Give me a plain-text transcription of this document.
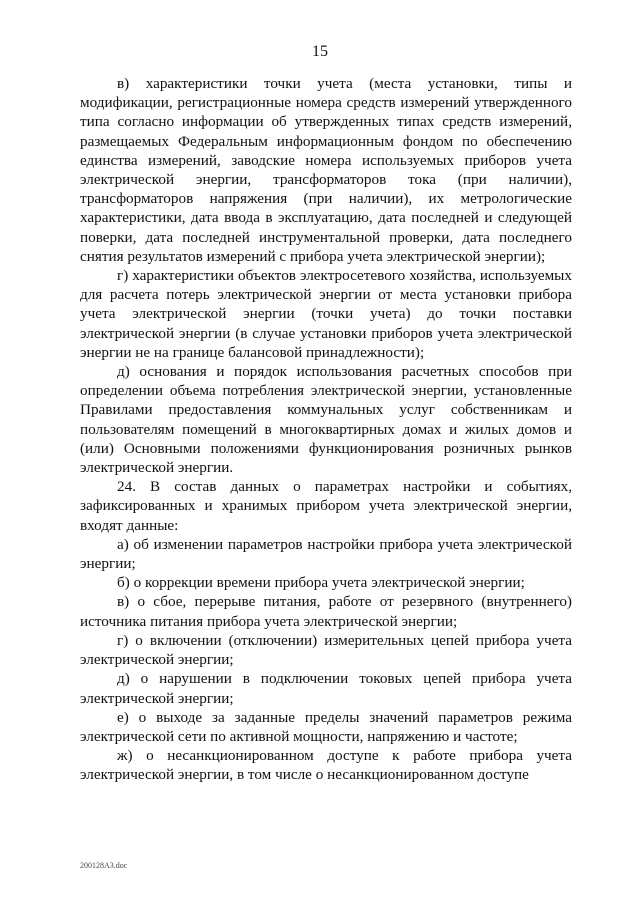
15

в) характеристики точки учета (места установки, типы и модификации, регистрационные номера средств измерений утвержденного типа согласно информации об утвержденных типах средств измерений, размещаемых Федеральным информационным фондом по обеспечению единства измерений, заводские номера используемых приборов учета электрической энергии, трансформаторов тока (при наличии), трансформаторов напряжения (при наличии), их метрологические характеристики, дата ввода в эксплуатацию, дата последней и следующей поверки, дата последней инструментальной проверки, дата последнего снятия результатов измерений с прибора учета электрической энергии);

г) характеристики объектов электросетевого хозяйства, используемых для расчета потерь электрической энергии от места установки прибора учета электрической энергии (точки учета) до точки поставки электрической энергии (в случае установки приборов учета электрической энергии не на границе балансовой принадлежности);

д) основания и порядок использования расчетных способов при определении объема потребления электрической энергии, установленные Правилами предоставления коммунальных услуг собственникам и пользователям помещений в многоквартирных домах и жилых домов и (или) Основными положениями функционирования розничных рынков электрической энергии.

24. В состав данных о параметрах настройки и событиях, зафиксированных и хранимых прибором учета электрической энергии, входят данные:

а) об изменении параметров настройки прибора учета электрической энергии;

б) о коррекции времени прибора учета электрической энергии;

в) о сбое, перерыве питания, работе от резервного (внутреннего) источника питания прибора учета электрической энергии;

г) о включении (отключении) измерительных цепей прибора учета электрической энергии;

д) о нарушении в подключении токовых цепей прибора учета электрической энергии;

е) о выходе за заданные пределы значений параметров режима электрической сети по активной мощности, напряжению и частоте;

ж) о несанкционированном доступе к работе прибора учета электрической энергии, в том числе о несанкционированном доступе

200128A3.doc
